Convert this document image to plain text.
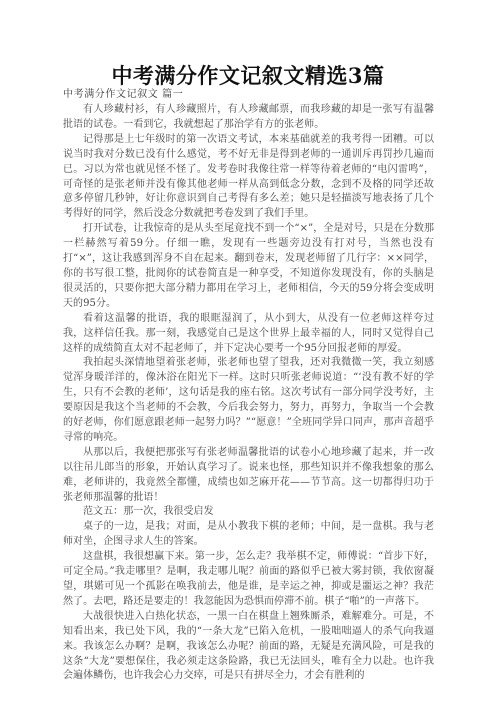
中考满分作文记叙文精选3篇
中考满分作文记叙文 篇一

有人珍藏村衫，有人珍藏照片，有人珍藏邮票，而我珍藏的却是一张写有温馨批语的试卷。一看到它，我就想起了那治学有方的张老师。

记得那是上七年级时的第一次语文考试，本来基础就差的我考得一团糟。可以说当时我对分数已没有什么感觉，考不好无非是得到老师的一通训斥再罚抄几遍而已。习以为常也就见怪不怪了。发考卷时我像往常一样等待着老师的“电闪雷鸣”，可奇怪的是张老师并没有像其他老师一样从高到低念分数，念到不及格的同学还故意多停留几秒钟，好让你意识到自己考得有多么差；她只是轻描淡写地表扬了几个考得好的同学，然后没念分数就把考卷发到了我们手里。

打开试卷，让我惊奇的是从头至尾竟找不到一个“×”，全是对号，只是在分数那一栏赫然写着59分。仔细一瞧，发现有一些题旁边没有打对号，当然也没有打“×”，这让我感到浑身不自在起来。翻到卷末，发现老师留了几行字：××同学，你的书写很工整，批阅你的试卷简直是一种享受，不知道你发现没有，你的头脑是很灵活的，只要你把大部分精力都用在学习上，老师相信，今天的59分将会变成明天的95分。

看着这温馨的批语，我的眼眶湿润了，从小到大，从没有一位老师这样夸过我，这样信任我。那一刻，我感觉自己是这个世界上最幸福的人，同时又觉得自己这样的成绩简直太对不起老师了，并下定决心要考一个95分回报老师的厚爱。

我拍起头深情地望着张老师，张老师也望了望我，还对我微微一笑，我立刻感觉浑身暖洋洋的，像沐浴在阳光下一样。这时只听张老师说道：“‘没有教不好的学生，只有不会教的老师’，这句话是我的座右铭。这次考试有一部分同学没考好，主要原因是我这个当老师的不会教，今后我会努力，努力，再努力，争取当一个会教的好老师，你们愿意跟老师一起努力吗？”“愿意！”全班同学异口同声，那声音超乎寻常的响亮。

从那以后，我便把那张写有张老师温馨批语的试卷小心地珍藏了起来，并一改以往吊儿郎当的形象，开始认真学习了。说来也怪，那些知识并不像我想象的那么难，老师讲的，我竟然全都懂，成绩也如芝麻开花——节节高。这一切都得归功于张老师那温馨的批语！

范文五：那一次，我很受启发

桌子的一边，是我；对面，是从小教我下棋的老师；中间，是一盘棋。我与老师对坐，企图寻求人生的答案。

这盘棋，我很想赢下来。第一步，怎么走？我举棋不定，师傅说：“首步下好，可定全局。”我走哪里？是啊，我走哪儿呢？前面的路似乎已被大雾封锁，我依窗凝望，琪婼可见一个孤影在唤我前去，他是谁，是幸运之神，抑或是噩运之神？我茫然了。去吧，路还是要走的！我忽能因为恐惧而停滞不前。棋子“啪”的一声落下。

大战很快进入白热化状态，一黑一白在棋盘上翘殊厮杀，难解难分。可是，不知看出来，我已处下风，我的“一条大龙”已陷入危机，一股咄咄逼人的杀气向我逼来。我该怎么办啊？是啊，我该怎么办呢？前面的路，无疑是充满风险，可是我的这条“大龙”要想保住，我必须走这条险路，我已无法回头，唯有全力以赴。也许我会遍体鳞伤，也许我会心力交瘁，可是只有拼尽全力，才会有胜利的
